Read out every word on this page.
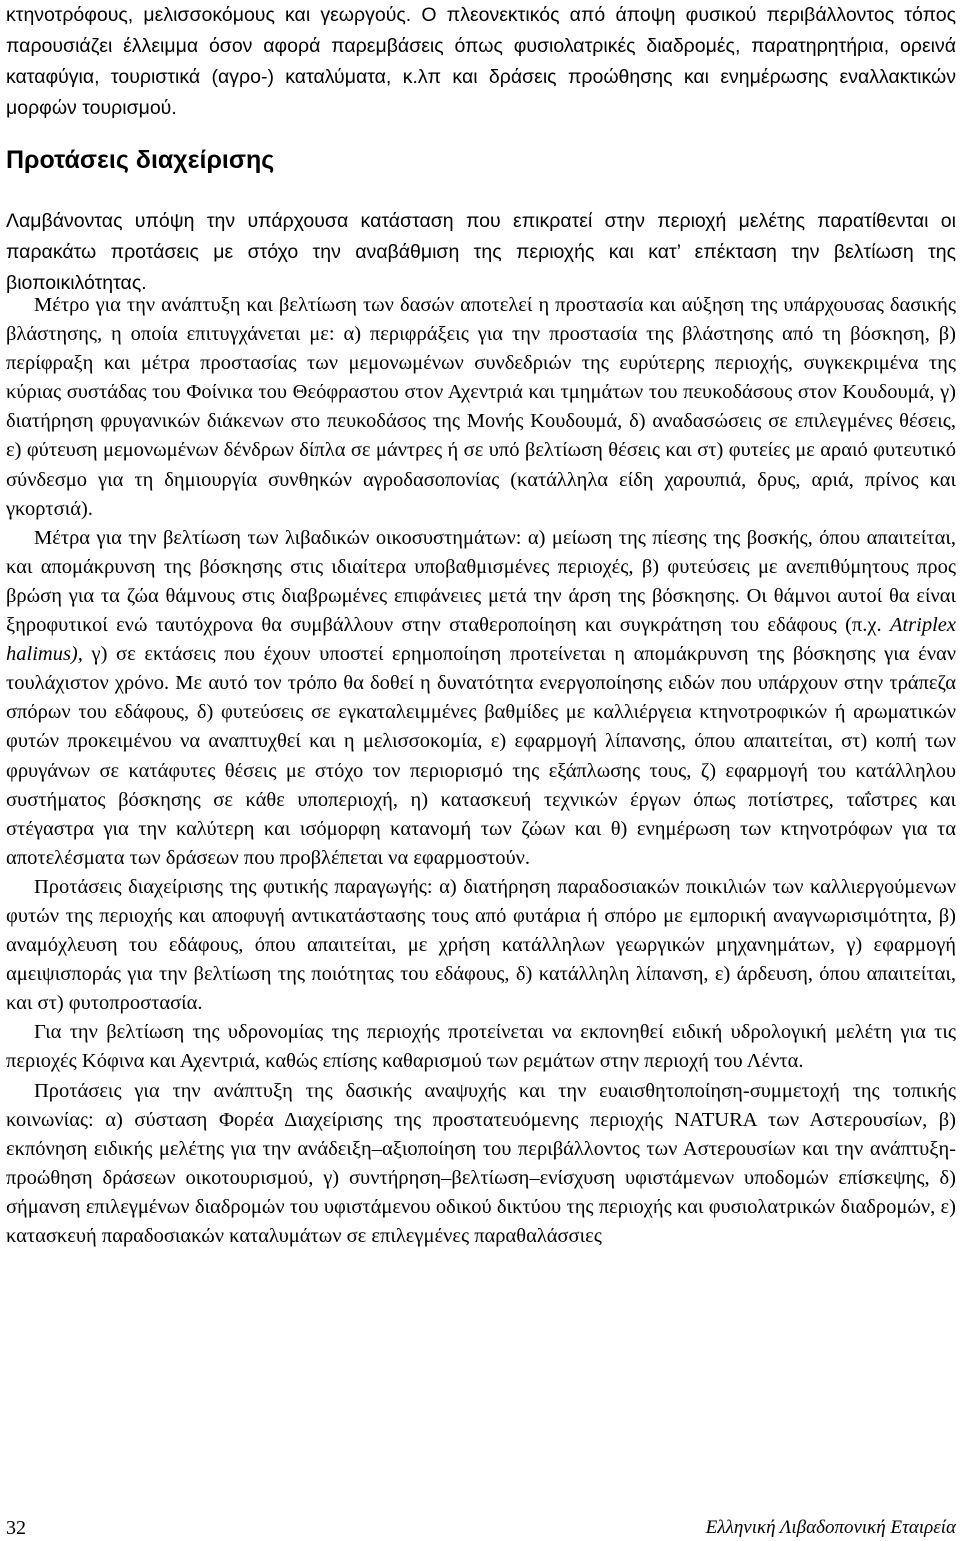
κτηνοτρόφους, μελισσοκόμους και γεωργούς. Ο πλεονεκτικός από άποψη φυσικού περιβάλλοντος τόπος παρουσιάζει έλλειμμα όσον αφορά παρεμβάσεις όπως φυσιολατρικές διαδρομές, παρατηρητήρια, ορεινά καταφύγια, τουριστικά (αγρο-) καταλύματα, κ.λπ και δράσεις προώθησης και ενημέρωσης εναλλακτικών μορφών τουρισμού.

Προτάσεις διαχείρισης

Λαμβάνοντας υπόψη την υπάρχουσα κατάσταση που επικρατεί στην περιοχή μελέτης παρατίθενται οι παρακάτω προτάσεις με στόχο την αναβάθμιση της περιοχής και κατ’ επέκταση την βελτίωση της βιοποικιλότητας.

Μέτρο για την ανάπτυξη και βελτίωση των δασών αποτελεί η προστασία και αύξηση της υπάρχουσας δασικής βλάστησης, η οποία επιτυγχάνεται με: α) περιφράξεις για την προστασία της βλάστησης από τη βόσκηση, β) περίφραξη και μέτρα προστασίας των μεμονωμένων συνδεδριών της ευρύτερης περιοχής, συγκεκριμένα της κύριας συστάδας του Φοίνικα του Θεόφραστου στον Αχεντριά και τμημάτων του πευκοδάσους στον Κουδουμά, γ) διατήρηση φρυγανικών διάκενων στο πευκοδάσος της Μονής Κουδουμά, δ) αναδασώσεις σε επιλεγμένες θέσεις, ε) φύτευση μεμονωμένων δένδρων δίπλα σε μάντρες ή σε υπό βελτίωση θέσεις και στ) φυτείες με αραιό φυτευτικό σύνδεσμο για τη δημιουργία συνθηκών αγροδασοπονίας (κατάλληλα είδη χαρουπιά, δρυς, αριά, πρίνος και γκορτσιά).

Μέτρα για την βελτίωση των λιβαδικών οικοσυστημάτων: α) μείωση της πίεσης της βοσκής, όπου απαιτείται, και απομάκρυνση της βόσκησης στις ιδιαίτερα υποβαθμισμένες περιοχές, β) φυτεύσεις με ανεπιθύμητους προς βρώση για τα ζώα θάμνους στις διαβρωμένες επιφάνειες μετά την άρση της βόσκησης. Οι θάμνοι αυτοί θα είναι ξηροφυτικοί ενώ ταυτόχρονα θα συμβάλλουν στην σταθεροποίηση και συγκράτηση του εδάφους (π.χ. Atriplex halimus), γ) σε εκτάσεις που έχουν υποστεί ερημοποίηση προτείνεται η απομάκρυνση της βόσκησης για έναν τουλάχιστον χρόνο. Με αυτό τον τρόπο θα δοθεί η δυνατότητα ενεργοποίησης ειδών που υπάρχουν στην τράπεζα σπόρων του εδάφους, δ) φυτεύσεις σε εγκαταλειμμένες βαθμίδες με καλλιέργεια κτηνοτροφικών ή αρωματικών φυτών προκειμένου να αναπτυχθεί και η μελισσοκομία, ε) εφαρμογή λίπανσης, όπου απαιτείται, στ) κοπή των φρυγάνων σε κατάφυτες θέσεις με στόχο τον περιορισμό της εξάπλωσης τους, ζ) εφαρμογή του κατάλληλου συστήματος βόσκησης σε κάθε υποπεριοχή, η) κατασκευή τεχνικών έργων όπως ποτίστρες, ταΐστρες και στέγαστρα για την καλύτερη και ισόμορφη κατανομή των ζώων και θ) ενημέρωση των κτηνοτρόφων για τα αποτελέσματα των δράσεων που προβλέπεται να εφαρμοστούν.

Προτάσεις διαχείρισης της φυτικής παραγωγής: α) διατήρηση παραδοσιακών ποικιλιών των καλλιεργούμενων φυτών της περιοχής και αποφυγή αντικατάστασης τους από φυτάρια ή σπόρο με εμπορική αναγνωρισιμότητα, β) αναμόχλευση του εδάφους, όπου απαιτείται, με χρήση κατάλληλων γεωργικών μηχανημάτων, γ) εφαρμογή αμειψισποράς για την βελτίωση της ποιότητας του εδάφους, δ) κατάλληλη λίπανση, ε) άρδευση, όπου απαιτείται, και στ) φυτοπροστασία.

Για την βελτίωση της υδρονομίας της περιοχής προτείνεται να εκπονηθεί ειδική υδρολογική μελέτη για τις περιοχές Κόφινα και Αχεντριά, καθώς επίσης καθαρισμού των ρεμάτων στην περιοχή του Λέντα.

Προτάσεις για την ανάπτυξη της δασικής αναψυχής και την ευαισθητοποίηση-συμμετοχή της τοπικής κοινωνίας: α) σύσταση Φορέα Διαχείρισης της προστατευόμενης περιοχής NATURA των Αστερουσίων, β) εκπόνηση ειδικής μελέτης για την ανάδειξη–αξιοποίηση του περιβάλλοντος των Αστερουσίων και την ανάπτυξη-προώθηση δράσεων οικοτουρισμού, γ) συντήρηση–βελτίωση–ενίσχυση υφιστάμενων υποδομών επίσκεψης, δ) σήμανση επιλεγμένων διαδρομών του υφιστάμενου οδικού δικτύου της περιοχής και φυσιολατρικών διαδρομών, ε) κατασκευή παραδοσιακών καταλυμάτων σε επιλεγμένες παραθαλάσσιες

32	Ελληνική Λιβαδοπονική Εταιρεία
